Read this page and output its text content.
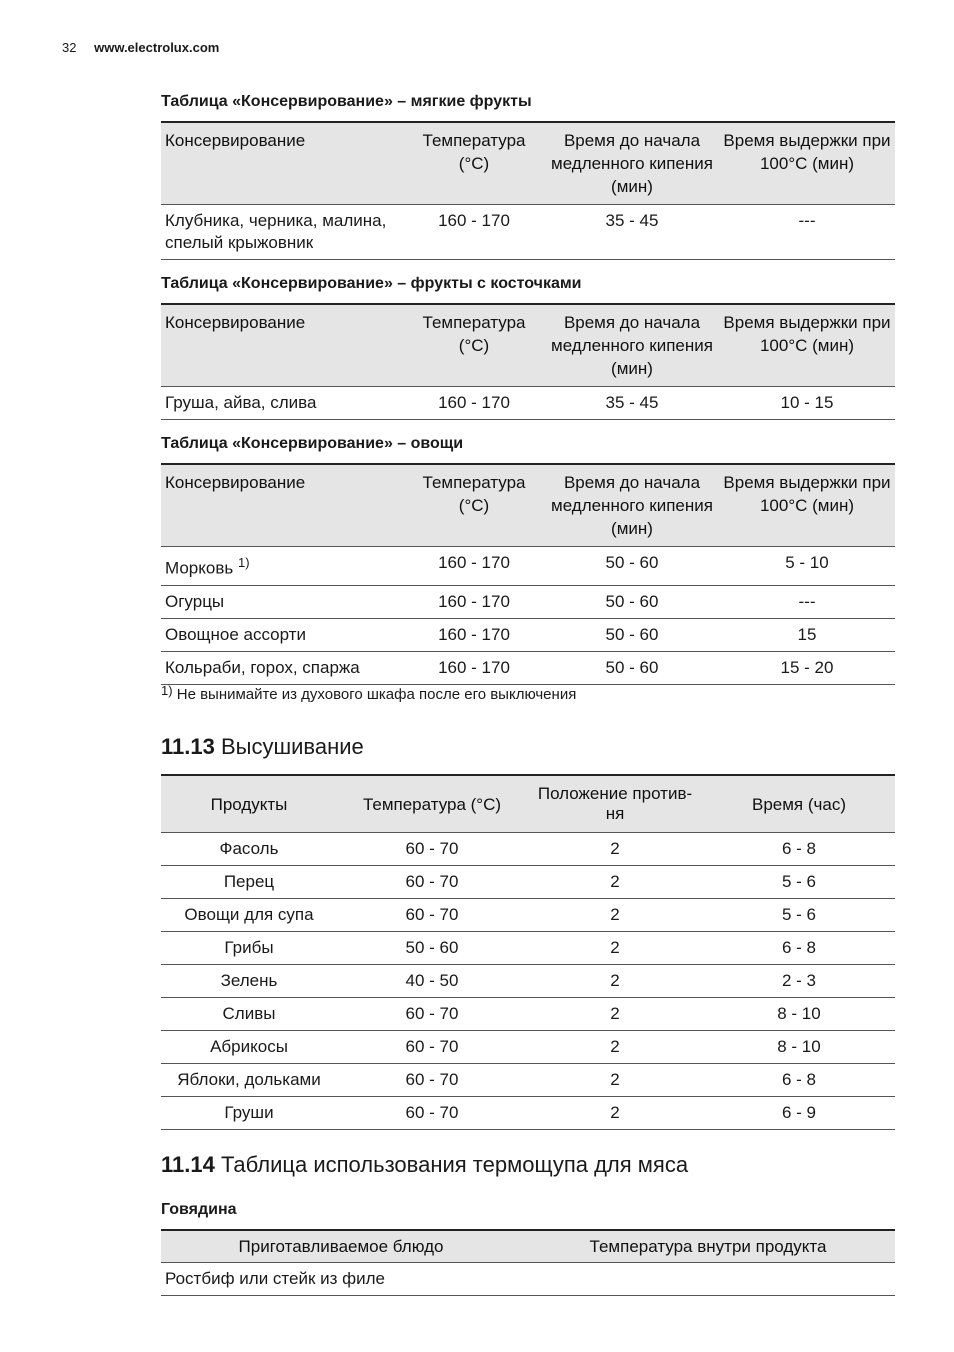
32 www.electrolux.com
Таблица «Консервирование» – мягкие фрукты
Консервирование	Температура (°C)	Время до начала медленного кипения (мин)	Время выдержки при 100°C (мин)
Клубника, черника, малина, спелый крыжовник	160 - 170	35 - 45	---
Таблица «Консервирование» – фрукты с косточками
Консервирование	Температура (°C)	Время до начала медленного кипения (мин)	Время выдержки при 100°C (мин)
Груша, айва, слива	160 - 170	35 - 45	10 - 15
Таблица «Консервирование» – овощи
Консервирование	Температура (°C)	Время до начала медленного кипения (мин)	Время выдержки при 100°C (мин)
Морковь $^{1)}$	160 - 170	50 - 60	5 - 10
Огурцы	160 - 170	50 - 60	---
Овощное ассорти	160 - 170	50 - 60	15
Кольраби, горох, спаржа	160 - 170	50 - 60	15 - 20
$^{1)}$ Не вынимайте из духового шкафа после его выключения
11.13 Высушивание
Продукты	Температура (°C)	Положение против-ня	Время (час)
Фасоль	60 - 70	2	6 - 8
Перец	60 - 70	2	5 - 6
Овощи для супа	60 - 70	2	5 - 6
Грибы	50 - 60	2	6 - 8
Зелень	40 - 50	2	2 - 3
Сливы	60 - 70	2	8 - 10
Абрикосы	60 - 70	2	8 - 10
Яблоки, дольками	60 - 70	2	6 - 8
Груши	60 - 70	2	6 - 9
11.14 Таблица использования термощупа для мяса
Говядина
Приготавливаемое блюдо	Температура внутри продукта
Ростбиф или стейк из филе	
